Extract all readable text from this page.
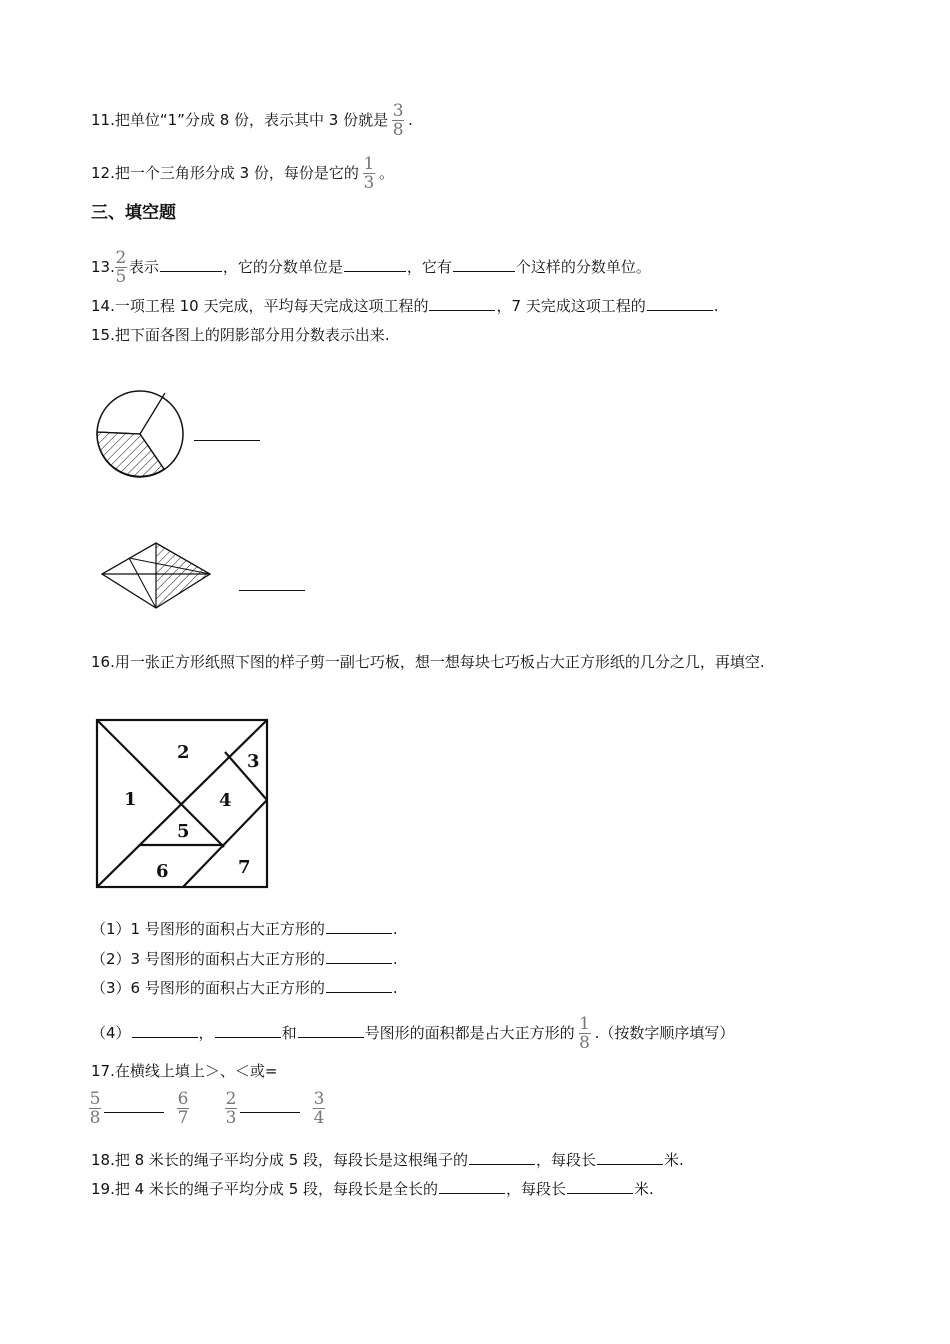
11.把单位“1”分成 8 份，表示其中 3 份就是 $\frac{3}{8}$ .
12.把一个三角形分成 3 份，每份是它的 $\frac{1}{3}$ 。
三、填空题
13. $\frac{2}{5}$ 表示	，它的分数单位是	，它有	个这样的分数单位。
14.一项工程 10 天完成，平均每天完成这项工程的	，7 天完成这项工程的	.
15.把下面各图上的阴影部分用分数表示出来.
16.用一张正方形纸照下图的样子剪一副七巧板，想一想每块七巧板占大正方形纸的几分之几，再填空.
1
2	3
4
5
6	7
（1）1 号图形的面积占大正方形的	.
（2）3 号图形的面积占大正方形的	.
（3）6 号图形的面积占大正方形的	.
（4）	，	和	号图形的面积都是占大正方形的 $\frac{1}{8}$ .（按数字顺序填写）
17.在横线上填上＞、＜或=
$\frac{5}{8}$	$\frac{6}{7} \frac{2}{3}$	$\frac{3}{4}$
18.把 8 米长的绳子平均分成 5 段，每段长是这根绳子的	，每段长	米.
19.把 4 米长的绳子平均分成 5 段，每段长是全长的	，每段长	米.
